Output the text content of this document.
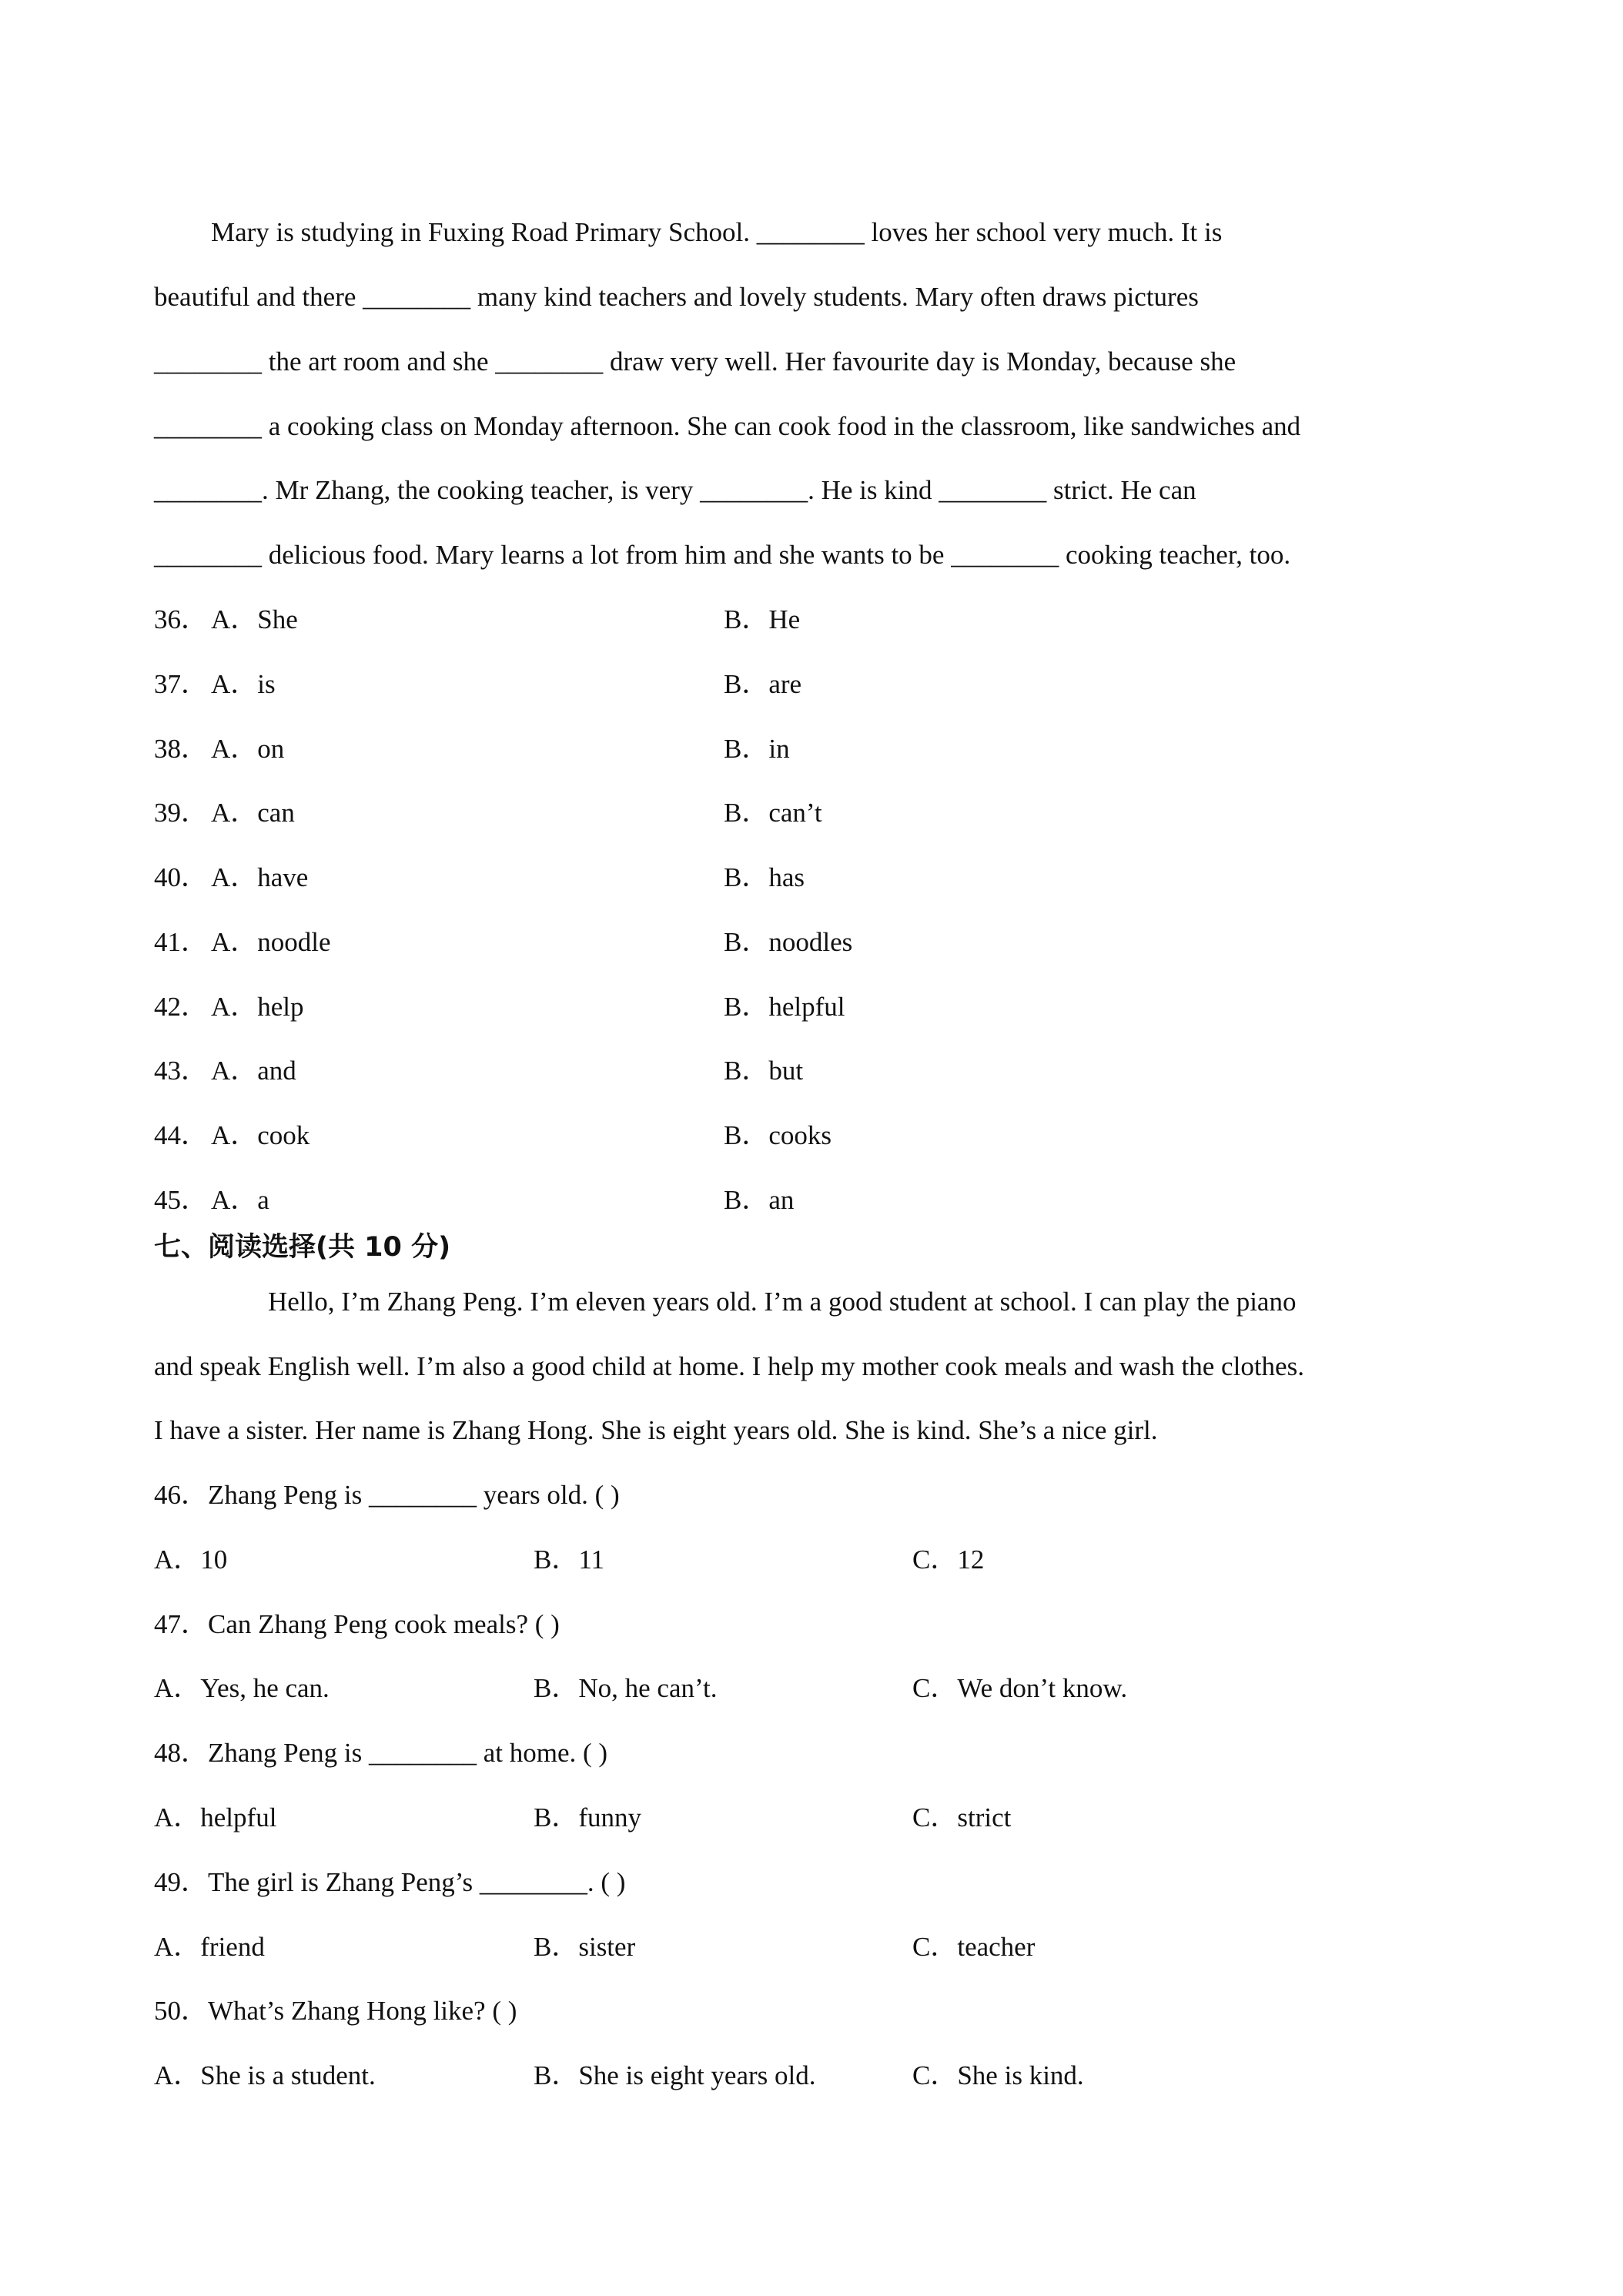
Mary is studying in Fuxing Road Primary School. ________ loves her school very much. It is
beautiful and there ________ many kind teachers and lovely students. Mary often draws pictures
________ the art room and she ________ draw very well. Her favourite day is Monday, because she
________ a cooking class on Monday afternoon. She can cook food in the classroom, like sandwiches and
________. Mr Zhang, the cooking teacher, is very ________. He is kind ________ strict. He can
________ delicious food. Mary learns a lot from him and she wants to be ________ cooking teacher, too.
36． A．She	B．He
37． A．is	B．are
38． A．on	B．in
39． A．can	B．can’t
40． A．have	B．has
41． A．noodle	B．noodles
42． A．help	B．helpful
43． A．and	B．but
44． A．cook	B．cooks
45． A．a	B．an
七、阅读选择(共 10 分)
Hello, I’m Zhang Peng. I’m eleven years old. I’m a good student at school. I can play the piano
and speak English well. I’m also a good child at home. I help my mother cook meals and wash the clothes.
I have a sister. Her name is Zhang Hong. She is eight years old. She is kind. She’s a nice girl.
46．Zhang Peng is ________ years old. ( )
A．10	B．11	C．12
47．Can Zhang Peng cook meals? ( )
A．Yes, he can.	B．No, he can’t.	C．We don’t know.
48．Zhang Peng is ________ at home. ( )
A．helpful	B．funny	C．strict
49．The girl is Zhang Peng’s ________. ( )
A．friend	B．sister	C．teacher
50．What’s Zhang Hong like? ( )
A．She is a student.	B．She is eight years old.	C．She is kind.
